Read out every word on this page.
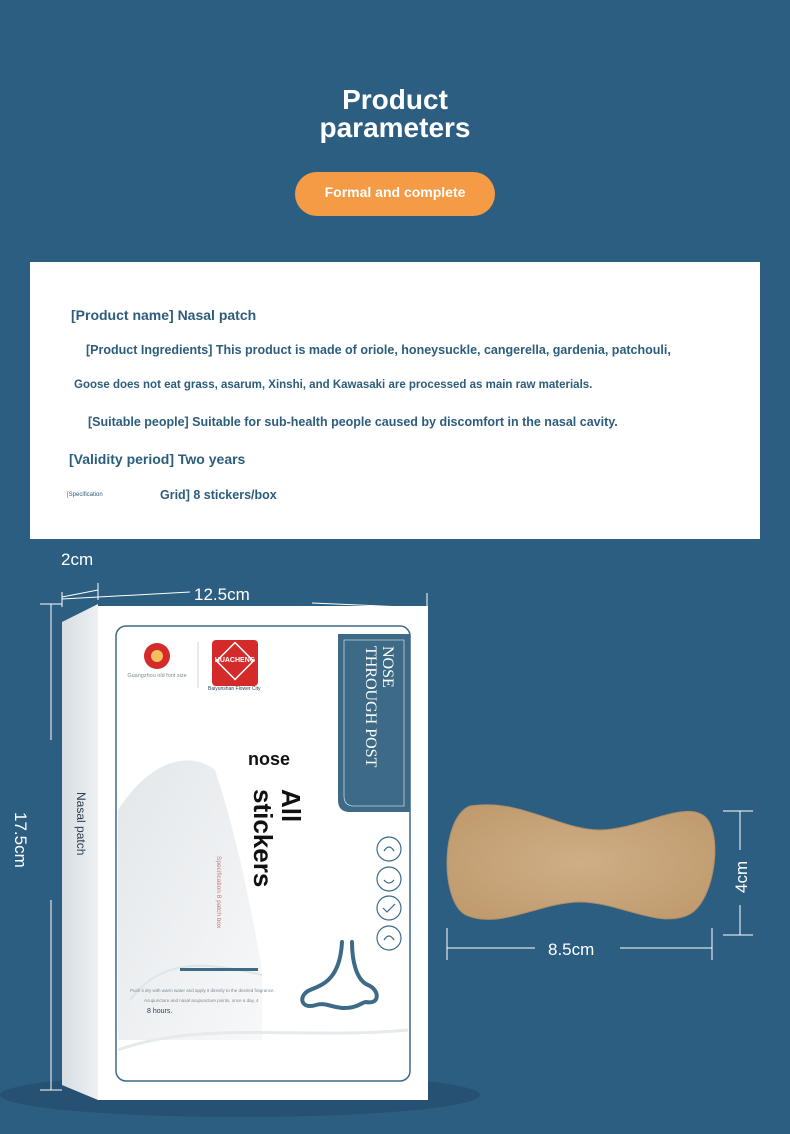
Product
parameters
Formal and complete
[Product name] Nasal patch
[Product Ingredients] This product is made of oriole, honeysuckle, cangerella, gardenia, patchouli,
Goose does not eat grass, asarum, Xinshi, and Kawasaki are processed as main raw materials.
[Suitable people] Suitable for sub-health people caused by discomfort in the nasal cavity.
[Validity period] Two years
[Specification	Grid] 8 stickers/box
2cm
12.5cm
17.5cm
4cm
8.5cm
Nasal patch
Guangzhou old font size
HUACHENG
Baiyunshan Flower City
NOSE
THROUGH POST
nose
All
stickers
Specification 8 patch box
Push it dry with warm water and apply it directly to the desired fragrance.
Acupuncture and nasal acupuncture points, once a day, 4
8 hours.
